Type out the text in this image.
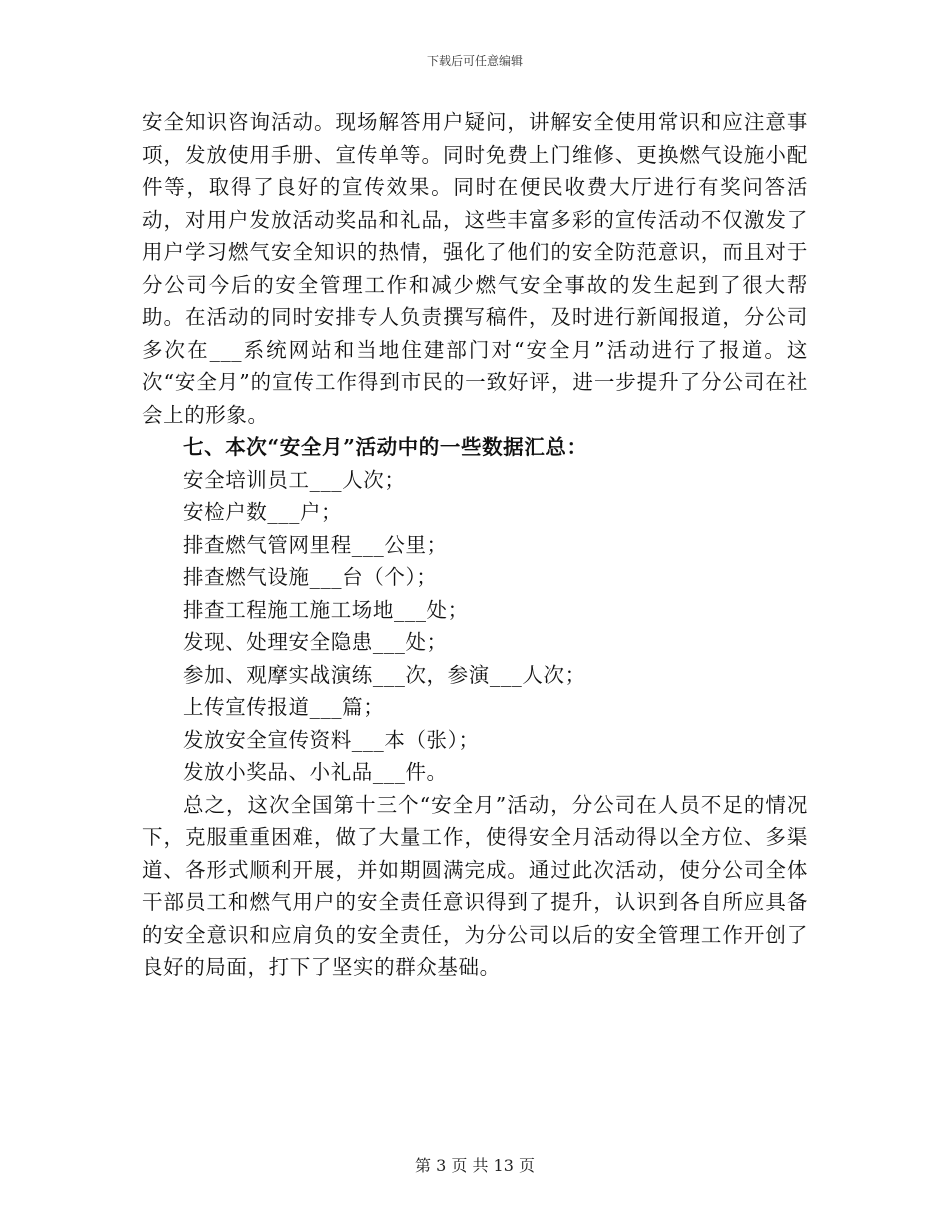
下载后可任意编辑

安全知识咨询活动。现场解答用户疑问，讲解安全使用常识和应注意事项，发放使用手册、宣传单等。同时免费上门维修、更换燃气设施小配件等，取得了良好的宣传效果。同时在便民收费大厅进行有奖问答活动，对用户发放活动奖品和礼品，这些丰富多彩的宣传活动不仅激发了用户学习燃气安全知识的热情，强化了他们的安全防范意识，而且对于分公司今后的安全管理工作和减少燃气安全事故的发生起到了很大帮助。在活动的同时安排专人负责撰写稿件，及时进行新闻报道，分公司多次在___系统网站和当地住建部门对“安全月”活动进行了报道。这次“安全月”的宣传工作得到市民的一致好评，进一步提升了分公司在社会上的形象。

七、本次“安全月”活动中的一些数据汇总：

安全培训员工___人次；
安检户数___户；
排查燃气管网里程___公里；
排查燃气设施___台（个）；
排查工程施工施工场地___处；
发现、处理安全隐患___处；
参加、观摩实战演练___次，参演___人次；
上传宣传报道___篇；
发放安全宣传资料___本（张）；
发放小奖品、小礼品___件。

总之，这次全国第十三个“安全月”活动，分公司在人员不足的情况下，克服重重困难，做了大量工作，使得安全月活动得以全方位、多渠道、各形式顺利开展，并如期圆满完成。通过此次活动，使分公司全体干部员工和燃气用户的安全责任意识得到了提升，认识到各自所应具备的安全意识和应肩负的安全责任，为分公司以后的安全管理工作开创了良好的局面，打下了坚实的群众基础。

第 3 页 共 13 页
